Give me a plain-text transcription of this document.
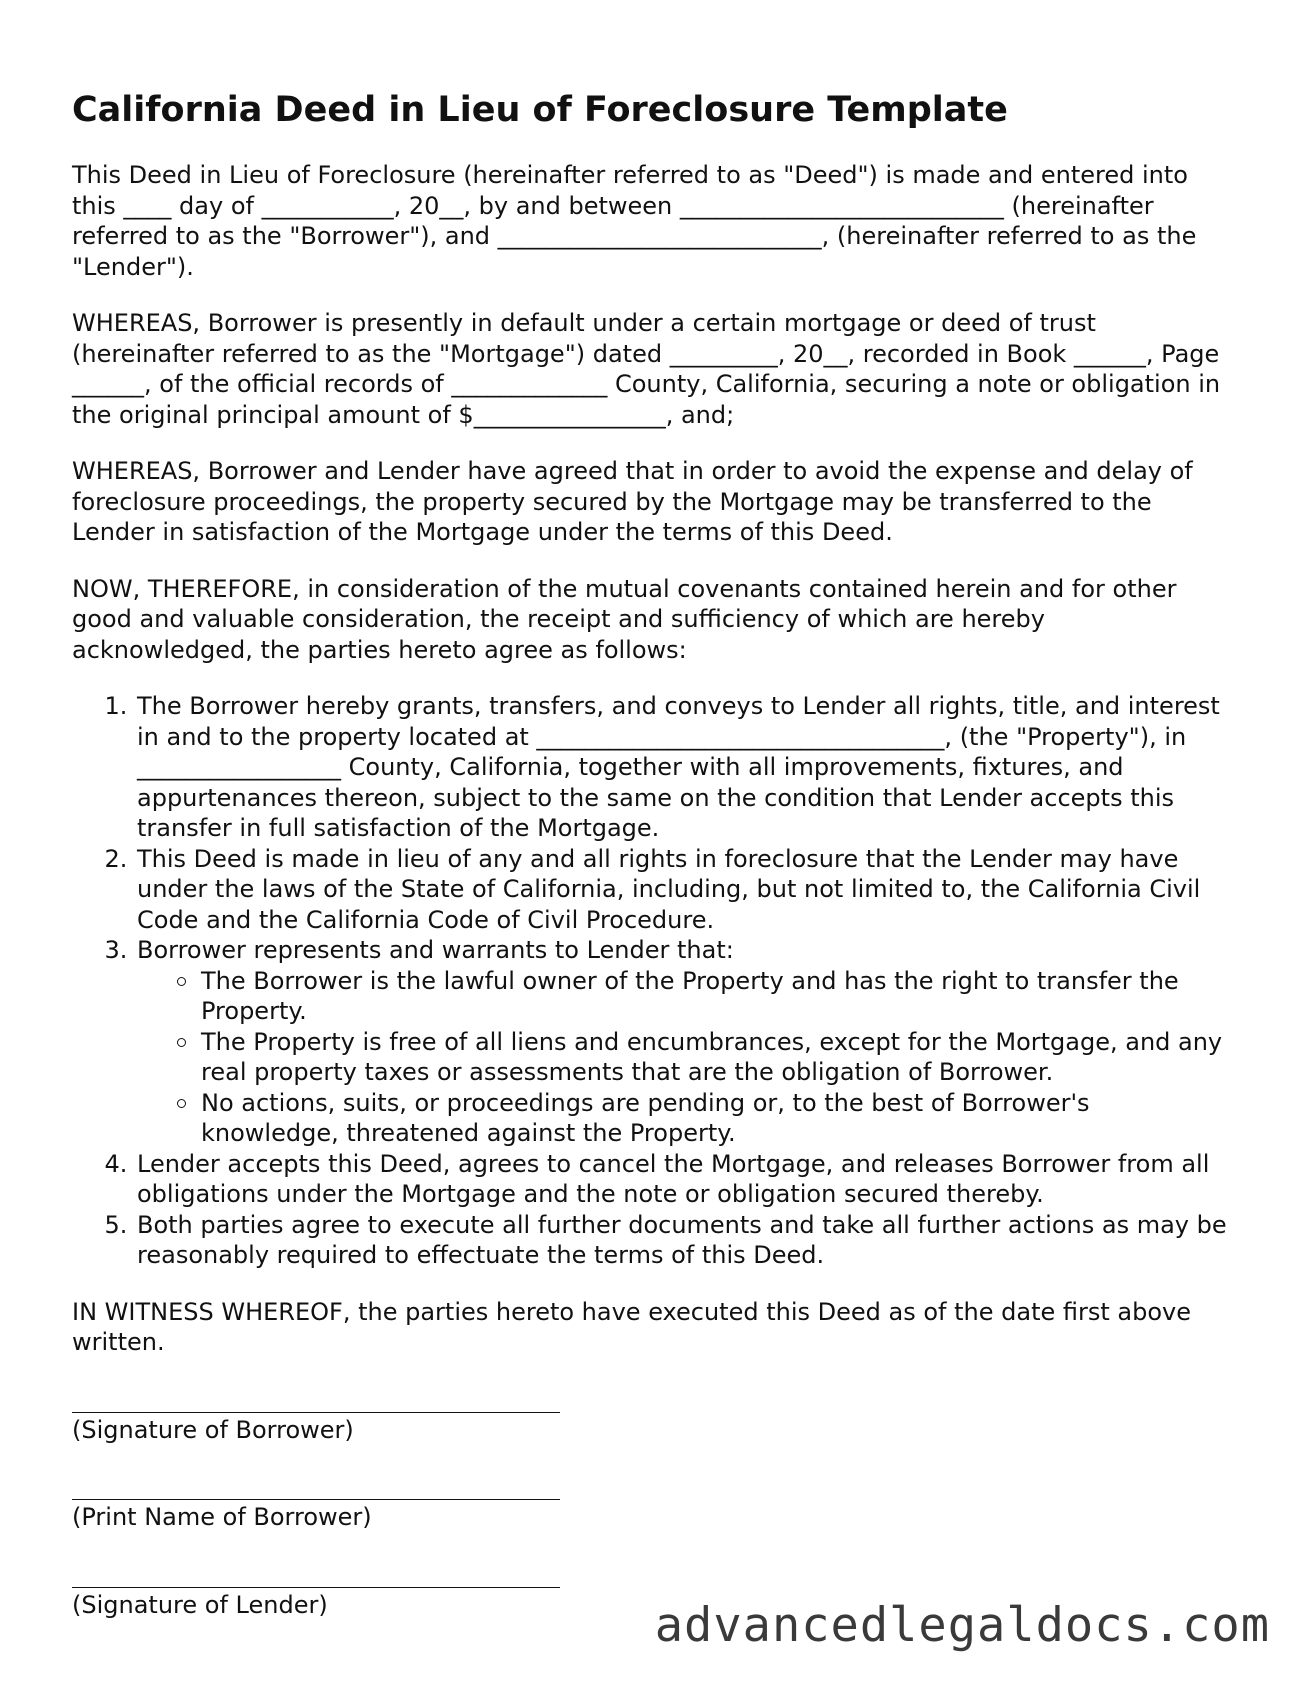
California Deed in Lieu of Foreclosure Template

This Deed in Lieu of Foreclosure (hereinafter referred to as "Deed") is made and entered into this ____ day of ___________, 20__, by and between ___________________________ (hereinafter referred to as the "Borrower"), and ___________________________, (hereinafter referred to as the "Lender").

WHEREAS, Borrower is presently in default under a certain mortgage or deed of trust (hereinafter referred to as the "Mortgage") dated _________, 20__, recorded in Book ______, Page ______, of the official records of _____________ County, California, securing a note or obligation in the original principal amount of $________________, and;

WHEREAS, Borrower and Lender have agreed that in order to avoid the expense and delay of foreclosure proceedings, the property secured by the Mortgage may be transferred to the Lender in satisfaction of the Mortgage under the terms of this Deed.

NOW, THEREFORE, in consideration of the mutual covenants contained herein and for other good and valuable consideration, the receipt and sufficiency of which are hereby acknowledged, the parties hereto agree as follows:

1. The Borrower hereby grants, transfers, and conveys to Lender all rights, title, and interest in and to the property located at __________________________________, (the "Property"), in _________________ County, California, together with all improvements, fixtures, and appurtenances thereon, subject to the same on the condition that Lender accepts this transfer in full satisfaction of the Mortgage.
2. This Deed is made in lieu of any and all rights in foreclosure that the Lender may have under the laws of the State of California, including, but not limited to, the California Civil Code and the California Code of Civil Procedure.
3. Borrower represents and warrants to Lender that:
The Borrower is the lawful owner of the Property and has the right to transfer the Property.
The Property is free of all liens and encumbrances, except for the Mortgage, and any real property taxes or assessments that are the obligation of Borrower.
No actions, suits, or proceedings are pending or, to the best of Borrower's knowledge, threatened against the Property.
4. Lender accepts this Deed, agrees to cancel the Mortgage, and releases Borrower from all obligations under the Mortgage and the note or obligation secured thereby.
5. Both parties agree to execute all further documents and take all further actions as may be reasonably required to effectuate the terms of this Deed.

IN WITNESS WHEREOF, the parties hereto have executed this Deed as of the date first above written.

(Signature of Borrower)
(Print Name of Borrower)
(Signature of Lender)	advancedlegaldocs.com
